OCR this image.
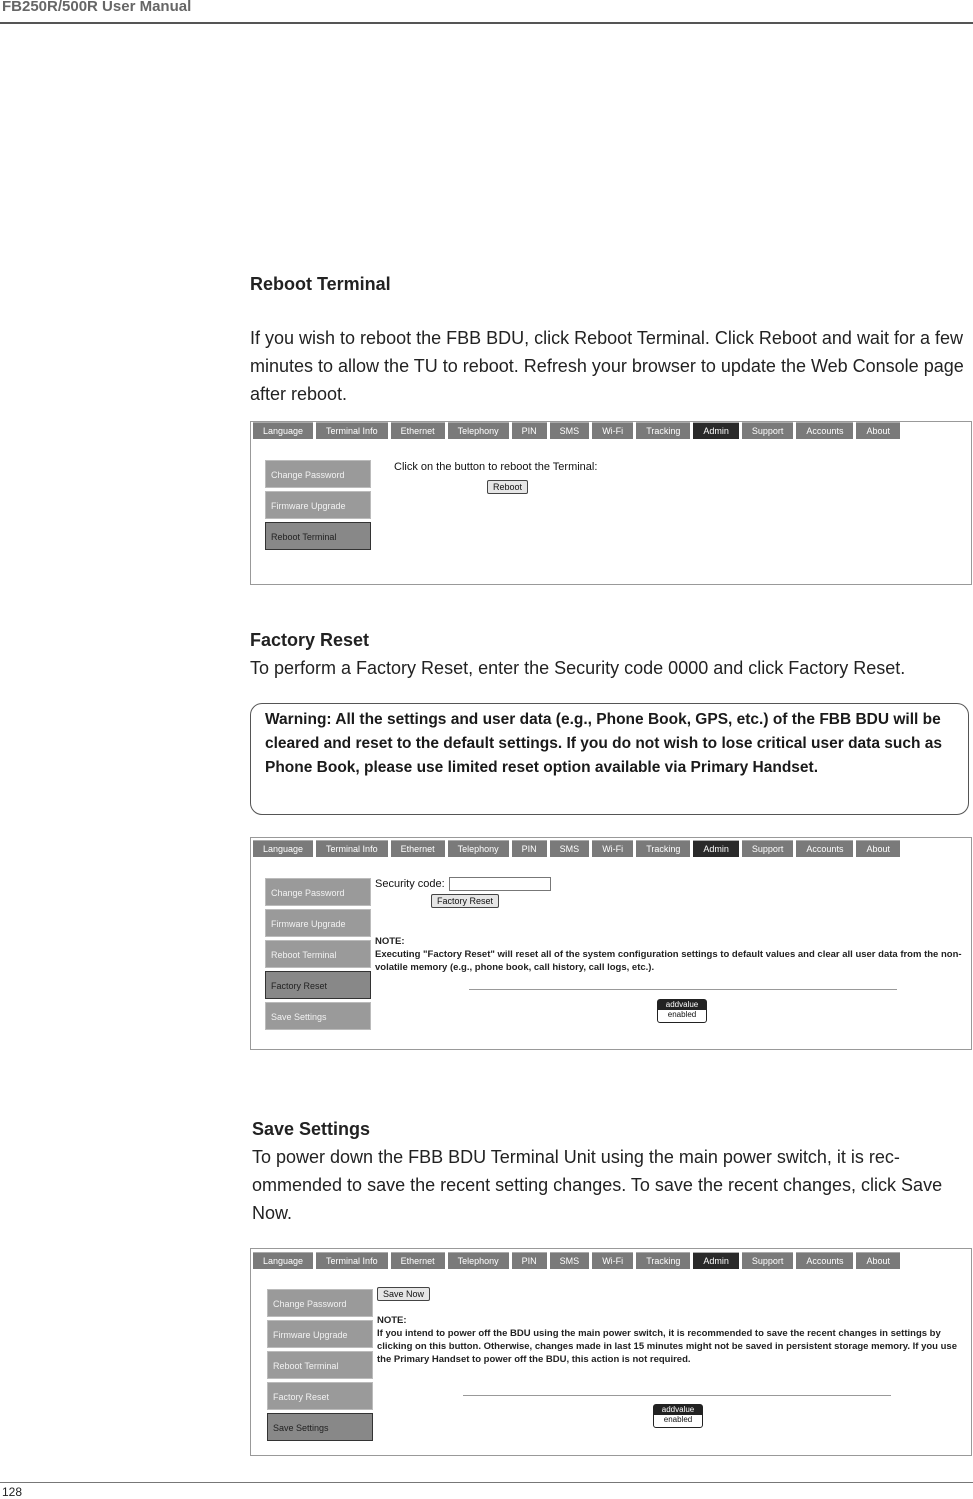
FB250R/500R User Manual
Reboot Terminal

If you wish to reboot the FBB BDU, click Reboot Terminal. Click Reboot and wait for a few minutes to allow the TU to reboot. Refresh your browser to update the Web Console page after reboot.

Language	Terminal Info	Ethernet	Telephony	PIN	SMS	Wi-Fi	Tracking	Admin	Support	Accounts	About
Change Password
Firmware Upgrade
Reboot Terminal
Click on the button to reboot the Terminal:
Reboot
Factory Reset

To perform a Factory Reset, enter the Security code 0000 and click Factory Reset.

Warning: All the settings and user data (e.g., Phone Book, GPS, etc.) of the FBB BDU will be cleared and reset to the default settings. If you do not wish to lose critical user data such as Phone Book, please use limited reset option available via Primary Handset.
Language	Terminal Info	Ethernet	Telephony	PIN	SMS	Wi-Fi	Tracking	Admin	Support	Accounts	About
Change Password
Firmware Upgrade
Reboot Terminal
Factory Reset
Save Settings
Security code:
Factory Reset
NOTE:
Executing "Factory Reset" will reset all of the system configuration settings to default values and clear all user data from the non-volatile memory (e.g., phone book, call history, call logs, etc.).
addvalue
enabled
Save Settings

To power down the FBB BDU Terminal Unit using the main power switch, it is rec-ommended to save the recent setting changes. To save the recent changes, click Save Now.

Language	Terminal Info	Ethernet	Telephony	PIN	SMS	Wi-Fi	Tracking	Admin	Support	Accounts	About
Change Password
Firmware Upgrade
Reboot Terminal
Factory Reset
Save Settings
Save Now
NOTE:
If you intend to power off the BDU using the main power switch, it is recommended to save the recent changes in settings by clicking on this button. Otherwise, changes made in last 15 minutes might not be saved in persistent storage memory. If you use the Primary Handset to power off the BDU, this action is not required.
addvalue
enabled
128
